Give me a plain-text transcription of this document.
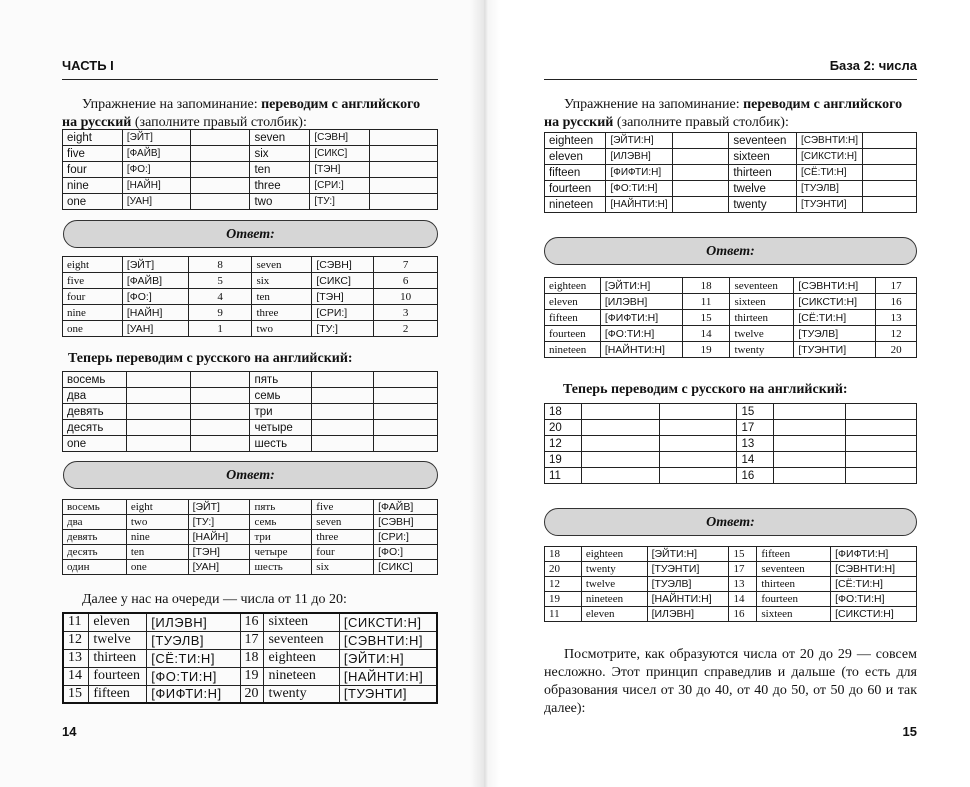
ЧАСТЬ I
Упражнение на запоминание: переводим с английского на русский (заполните правый столбик):
eight	[ЭЙТ]		seven	[СЭВН]	
five	[ФАЙВ]		six	[СИКС]	
four	[ФО:]		ten	[ТЭН]	
nine	[НАЙН]		three	[СРИ:]	
one	[УАН]		two	[ТУ:]	
Ответ:
eight	[ЭЙТ]	8	seven	[СЭВН]	7
five	[ФАЙВ]	5	six	[СИКС]	6
four	[ФО:]	4	ten	[ТЭН]	10
nine	[НАЙН]	9	three	[СРИ:]	3
one	[УАН]	1	two	[ТУ:]	2
Теперь переводим с русского на английский:
восемь			пять		
два			семь		
девять			три		
десять			четыре		
one			шесть		
Ответ:
восемь	eight	[ЭЙТ]	пять	five	[ФАЙВ]
два	two	[ТУ:]	семь	seven	[СЭВН]
девять	nine	[НАЙН]	три	three	[СРИ:]
десять	ten	[ТЭН]	четыре	four	[ФО:]
один	one	[УАН]	шесть	six	[СИКС]
Далее у нас на очереди — числа от 11 до 20:
11	eleven	[ИЛЭВН]	16	sixteen	[СИКСТИ:Н]
12	twelve	[ТУЭЛВ]	17	seventeen	[СЭВНТИ:Н]
13	thirteen	[СЁ:ТИ:Н]	18	eighteen	[ЭЙТИ:Н]
14	fourteen	[ФО:ТИ:Н]	19	nineteen	[НАЙНТИ:Н]
15	fifteen	[ФИФТИ:Н]	20	twenty	[ТУЭНТИ]
14
База 2: числа
Упражнение на запоминание: переводим с английского на русский (заполните правый столбик):
eighteen	[ЭЙТИ:Н]		seventeen	[СЭВНТИ:Н]	
eleven	[ИЛЭВН]		sixteen	[СИКСТИ:Н]	
fifteen	[ФИФТИ:Н]		thirteen	[СЁ:ТИ:Н]	
fourteen	[ФО:ТИ:Н]		twelve	[ТУЭЛВ]	
nineteen	[НАЙНТИ:Н]		twenty	[ТУЭНТИ]	
Ответ:
eighteen	[ЭЙТИ:Н]	18	seventeen	[СЭВНТИ:Н]	17
eleven	[ИЛЭВН]	11	sixteen	[СИКСТИ:Н]	16
fifteen	[ФИФТИ:Н]	15	thirteen	[СЁ:ТИ:Н]	13
fourteen	[ФО:ТИ:Н]	14	twelve	[ТУЭЛВ]	12
nineteen	[НАЙНТИ:Н]	19	twenty	[ТУЭНТИ]	20
Теперь переводим с русского на английский:
18			15		
20			17		
12			13		
19			14		
11			16		
Ответ:
18	eighteen	[ЭЙТИ:Н]	15	fifteen	[ФИФТИ:Н]
20	twenty	[ТУЭНТИ]	17	seventeen	[СЭВНТИ:Н]
12	twelve	[ТУЭЛВ]	13	thirteen	[СЁ:ТИ:Н]
19	nineteen	[НАЙНТИ:Н]	14	fourteen	[ФО:ТИ:Н]
11	eleven	[ИЛЭВН]	16	sixteen	[СИКСТИ:Н]
Посмотрите, как образуются числа от 20 до 29 — совсем несложно. Этот принцип справедлив и дальше (то есть для образования чисел от 30 до 40, от 40 до 50, от 50 до 60 и так далее):
15
